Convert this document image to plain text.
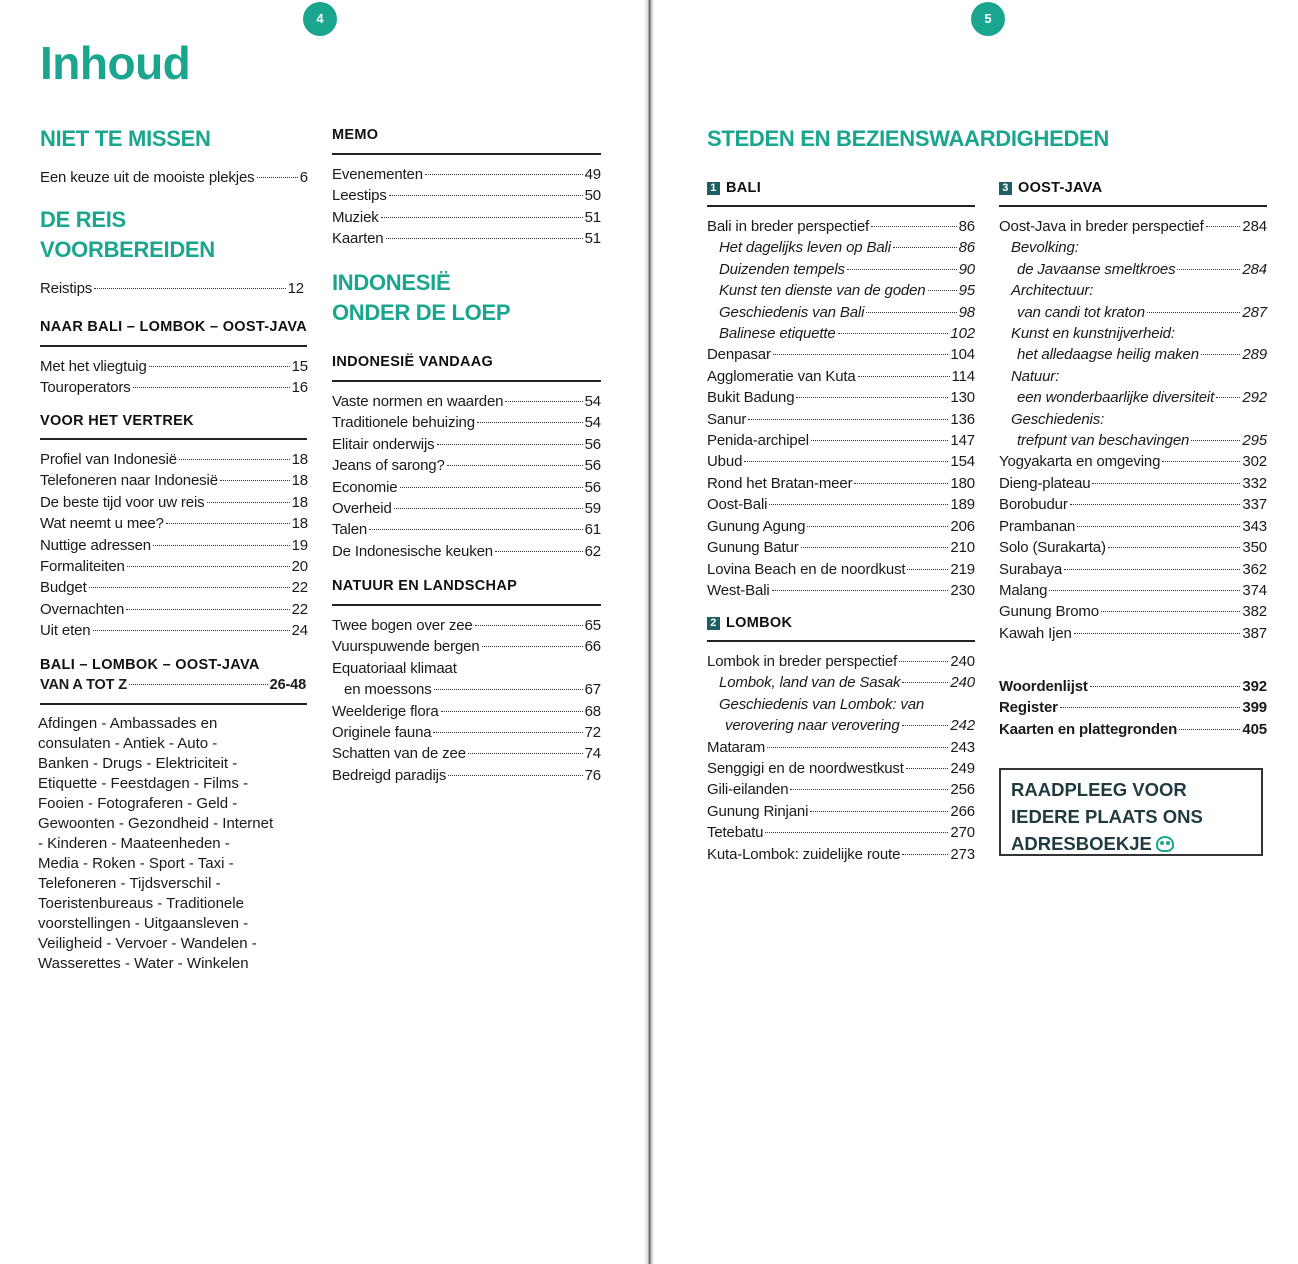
4
Inhoud
NIET TE MISSEN
Een keuze uit de mooiste plekjes	6
DE REIS
VOORBEREIDEN
Reistips	12
NAAR BALI – LOMBOK – OOST-JAVA
Met het vliegtuig	15
Touroperators	16
VOOR HET VERTREK
Profiel van Indonesië	18
Telefoneren naar Indonesië	18
De beste tijd voor uw reis	18
Wat neemt u mee?	18
Nuttige adressen	19
Formaliteiten	20
Budget	22
Overnachten	22
Uit eten	24
BALI – LOMBOK – OOST-JAVA
VAN A TOT Z	26-48
Afdingen - Ambassades en
consulaten - Antiek - Auto -
Banken - Drugs - Elektriciteit -
Etiquette - Feestdagen - Films -
Fooien - Fotograferen - Geld -
Gewoonten - Gezondheid - Internet
- Kinderen - Maateenheden -
Media - Roken - Sport - Taxi -
Telefoneren - Tijdsverschil -
Toeristenbureaus - Traditionele
voorstellingen - Uitgaansleven -
Veiligheid - Vervoer - Wandelen -
Wasserettes - Water - Winkelen
MEMO
Evenementen	49
Leestips	50
Muziek	51
Kaarten	51
INDONESIË
ONDER DE LOEP
INDONESIË VANDAAG
Vaste normen en waarden	54
Traditionele behuizing	54
Elitair onderwijs	56
Jeans of sarong?	56
Economie	56
Overheid	59
Talen	61
De Indonesische keuken	62
NATUUR EN LANDSCHAP
Twee bogen over zee	65
Vuurspuwende bergen	66
Equatoriaal klimaat
en moessons	67
Weelderige flora	68
Originele fauna	72
Schatten van de zee	74
Bedreigd paradijs	76
5
STEDEN EN BEZIENSWAARDIGHEDEN
1 BALI
Bali in breder perspectief	86
Het dagelijks leven op Bali	86
Duizenden tempels	90
Kunst ten dienste van de goden 95
Geschiedenis van Bali	98
Balinese etiquette	102
Denpasar	104
Agglomeratie van Kuta	114
Bukit Badung	130
Sanur	136
Penida-archipel	147
Ubud	154
Rond het Bratan-meer	180
Oost-Bali	189
Gunung Agung	206
Gunung Batur	210
Lovina Beach en de noordkust	219
West-Bali	230
2 LOMBOK
Lombok in breder perspectief	240
Lombok, land van de Sasak	240
Geschiedenis van Lombok: van
verovering naar verovering	242
Mataram	243
Senggigi en de noordwestkust	249
Gili-eilanden	256
Gunung Rinjani	266
Tetebatu	270
Kuta-Lombok: zuidelijke route	273
3 OOST-JAVA
Oost-Java in breder perspectief	284
Bevolking:
de Javaanse smeltkroes	284
Architectuur:
van candi tot kraton	287
Kunst en kunstnijverheid:
het alledaagse heilig maken	289
Natuur:
een wonderbaarlijke diversiteit 292
Geschiedenis:
trefpunt van beschavingen	295
Yogyakarta en omgeving	302
Dieng-plateau	332
Borobudur	337
Prambanan	343
Solo (Surakarta)	350
Surabaya	362
Malang	374
Gunung Bromo	382
Kawah Ijen	387
Woordenlijst	392
Register	399
Kaarten en plattegronden	405
RAADPLEEG VOOR
IEDERE PLAATS ONS
ADRESBOEKJE
